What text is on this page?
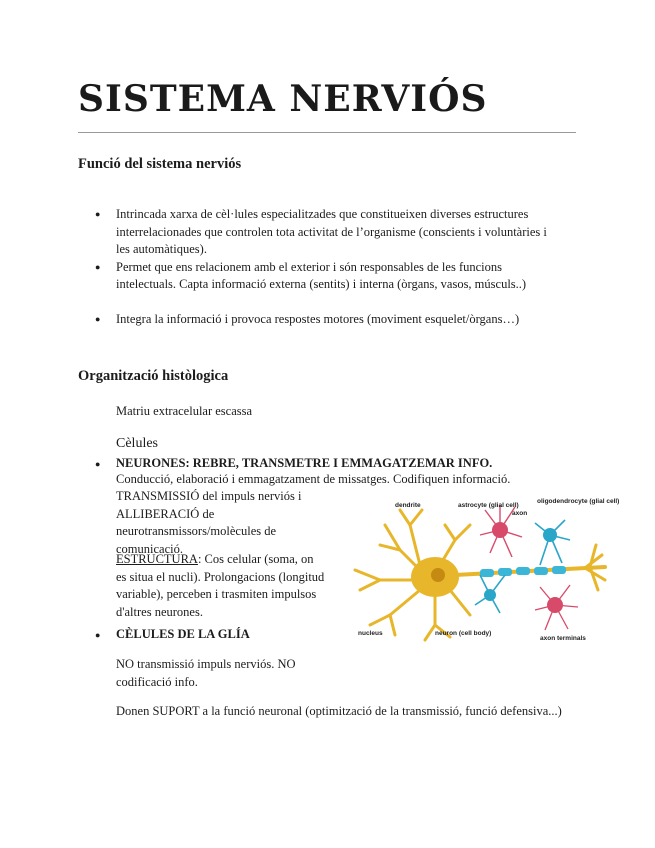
SISTEMA NERVIÓS
Funció del sistema nerviós
● Intrincada xarxa de cèl·lules especialitzades que constitueixen diverses estructures interrelacionades que controlen tota activitat de l’organisme (conscients i voluntàries i les automàtiques).
● Permet que ens relacionem amb el exterior i són responsables de les funcions intelectuals. Capta informació externa (sentits) i interna (òrgans, vasos, músculs..)
● Integra la informació i provoca respostes motores (moviment esquelet/òrgans…)
Organització històlogica
Matriu extracelular escassa
Cèlules
● NEURONES: REBRE, TRANSMETRE I EMMAGATZEMAR INFO.
Conducció, elaboració i emmagatzament de missatges. Codifiquen informació.
TRANSMISSIÓ del impuls nerviós i ALLIBERACIÓ de neurotransmissors/molècules de comunicació.
ESTRUCTURA: Cos celular (soma, on es situa el nucli). Prolongacions (longitud variable), perceben i trasmiten impulsos d'altres neurones.
● CÈLULES DE LA GLÍA
NO transmissió impuls nerviós. NO codificació info.
Donen SUPORT a la funció neuronal (optimització de la transmissió, funció defensiva...)
dendrite	astrocyte (glial cell)
oligodendrocyte (glial cell)
axon
nucleus	neuron (cell body)
axon terminals
